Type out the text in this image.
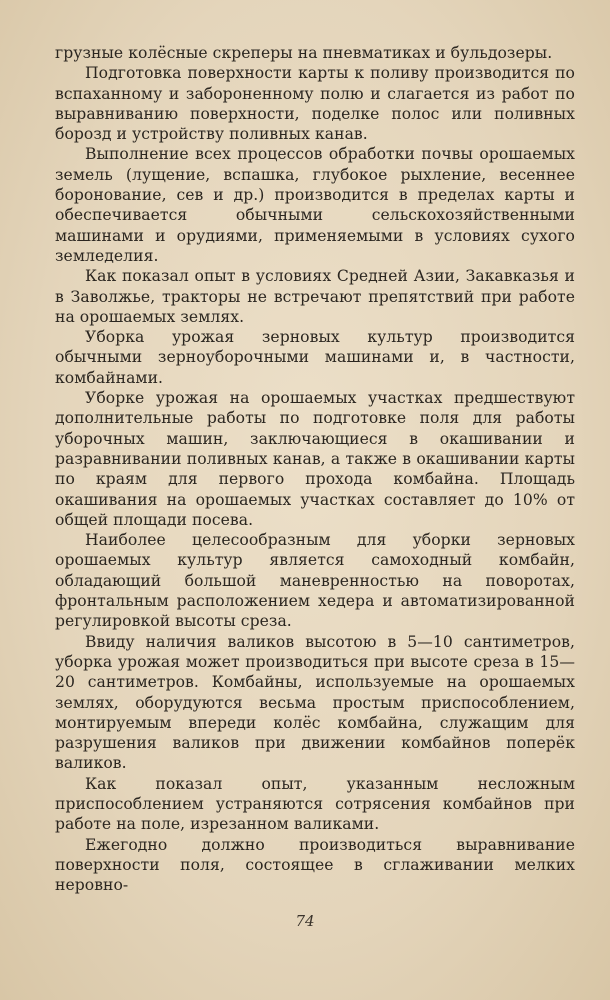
грузные колёсные скреперы на пневматиках и бульдозеры.

Подготовка поверхности карты к поливу производится по вспаханному и забороненному полю и слагается из работ по выравниванию поверхности, поделке полос или поливных борозд и устройству поливных канав.

Выполнение всех процессов обработки почвы орошаемых земель (лущение, вспашка, глубокое рыхление, весеннее боронование, сев и др.) производится в пределах карты и обеспечивается обычными сельскохозяйственными машинами и орудиями, применяемыми в условиях сухого земледелия.

Как показал опыт в условиях Средней Азии, Закавказья и в Заволжье, тракторы не встречают препятствий при работе на орошаемых землях.

Уборка урожая зерновых культур производится обычными зерноуборочными машинами и, в частности, комбайнами.

Уборке урожая на орошаемых участках предшествуют дополнительные работы по подготовке поля для работы уборочных машин, заключающиеся в окашивании и разравнивании поливных канав, а также в окашивании карты по краям для первого прохода комбайна. Площадь окашивания на орошаемых участках составляет до 10% от общей площади посева.

Наиболее целесообразным для уборки зерновых орошаемых культур является самоходный комбайн, обладающий большой маневренностью на поворотах, фронтальным расположением хедера и автоматизированной регулировкой высоты среза.

Ввиду наличия валиков высотою в 5—10 сантиметров, уборка урожая может производиться при высоте среза в 15—20 сантиметров. Комбайны, используемые на орошаемых землях, оборудуются весьма простым приспособлением, монтируемым впереди колёс комбайна, служащим для разрушения валиков при движении комбайнов поперёк валиков.

Как показал опыт, указанным несложным приспособлением устраняются сотрясения комбайнов при работе на поле, изрезанном валиками.

Ежегодно должно производиться выравнивание поверхности поля, состоящее в сглаживании мелких неровно-

74
